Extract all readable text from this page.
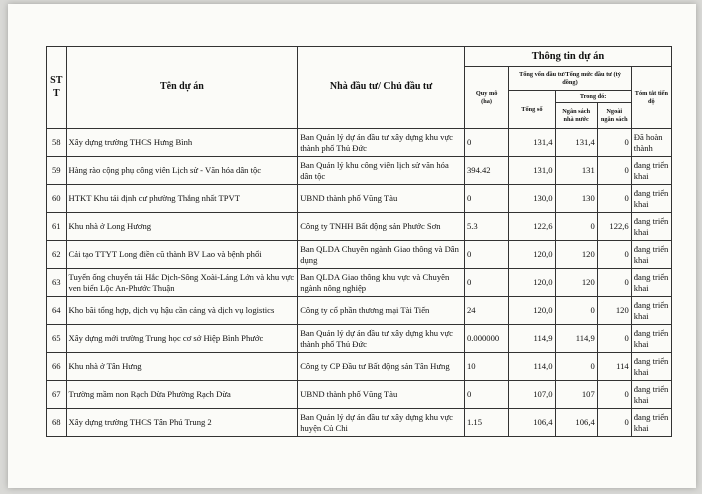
ST
T	Tên dự án	Nhà đầu tư/ Chủ đầu tư	Thông tin dự án				
			Quy mô
(ha)	Tổng vốn đầu tư/Tổng mức đầu tư (tỷ đồng)			Tóm tắt tiến độ
				Tổng số	Trong đó:		
					Ngân sách nhà nước	Ngoài ngân sách	
58	Xây dựng trường THCS Hưng Bình	Ban Quản lý dự án đầu tư xây dựng khu vực thành phố Thủ Đức	0	131,4	131,4	0	Đã hoàn thành
59	Hàng rào cộng phụ công viên Lịch sử - Văn hóa dân tộc	Ban Quản lý khu công viên lịch sử văn hóa dân tộc	394.42	131,0	131	0	đang triển khai
60	HTKT Khu tái định cư phường Thắng nhất TPVT	UBND thành phố Vũng Tàu	0	130,0	130	0	đang triển khai
61	Khu nhà ở Long Hương	Công ty TNHH Bất động sản Phước Sơn	5.3	122,6	0	122,6	đang triển khai
62	Cải tạo TTYT Long điền cũ thành BV Lao và bệnh phổi	Ban QLDA Chuyên ngành Giao thông và Dân dụng	0	120,0	120	0	đang triển khai
63	Tuyến ống chuyển tải Hắc Dịch-Sông Xoài-Láng Lớn và khu vực ven biển Lộc An-Phước Thuận	Ban QLDA Giao thông khu vực và Chuyên ngành nông nghiệp	0	120,0	120	0	đang triển khai
64	Kho bãi tổng hợp, dịch vụ hậu cần cảng và dịch vụ logistics	Công ty cổ phần thương mại Tài Tiến	24	120,0	0	120	đang triển khai
65	Xây dựng mới trường Trung học cơ sở Hiệp Bình Phước	Ban Quản lý dự án đầu tư xây dựng khu vực thành phố Thủ Đức	0.000000	114,9	114,9	0	đang triển khai
66	Khu nhà ở Tân Hưng	Công ty CP Đầu tư Bất động sản Tân Hưng	10	114,0	0	114	đang triển khai
67	Trường mầm non Rạch Dừa Phường Rạch Dừa	UBND thành phố Vũng Tàu	0	107,0	107	0	đang triển khai
68	Xây dựng trường THCS Tân Phú Trung 2	Ban Quản lý dự án đầu tư xây dựng khu vực huyện Củ Chi	1.15	106,4	106,4	0	đang triển khai
